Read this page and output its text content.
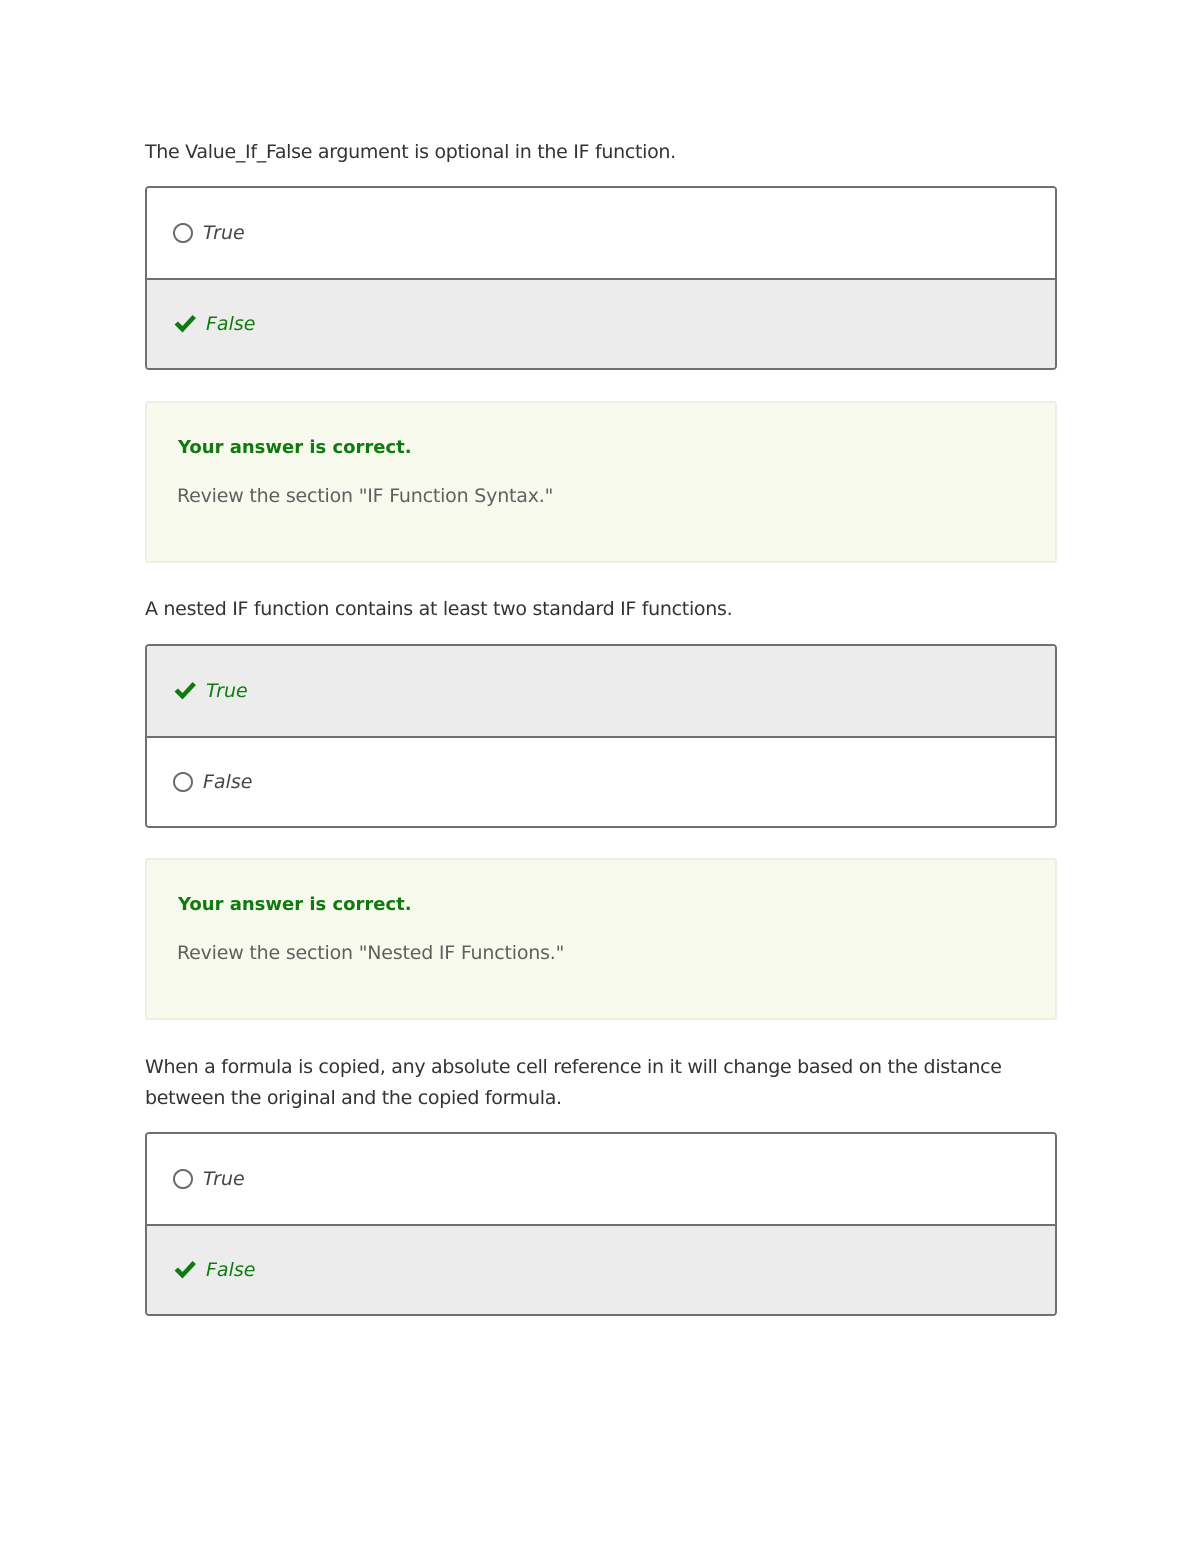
The Value_If_False argument is optional in the IF function.

True
False

Your answer is correct.

Review the section "IF Function Syntax."

A nested IF function contains at least two standard IF functions.

True
False

Your answer is correct.

Review the section "Nested IF Functions."

When a formula is copied, any absolute cell reference in it will change based on the distance between the original and the copied formula.

True
False
